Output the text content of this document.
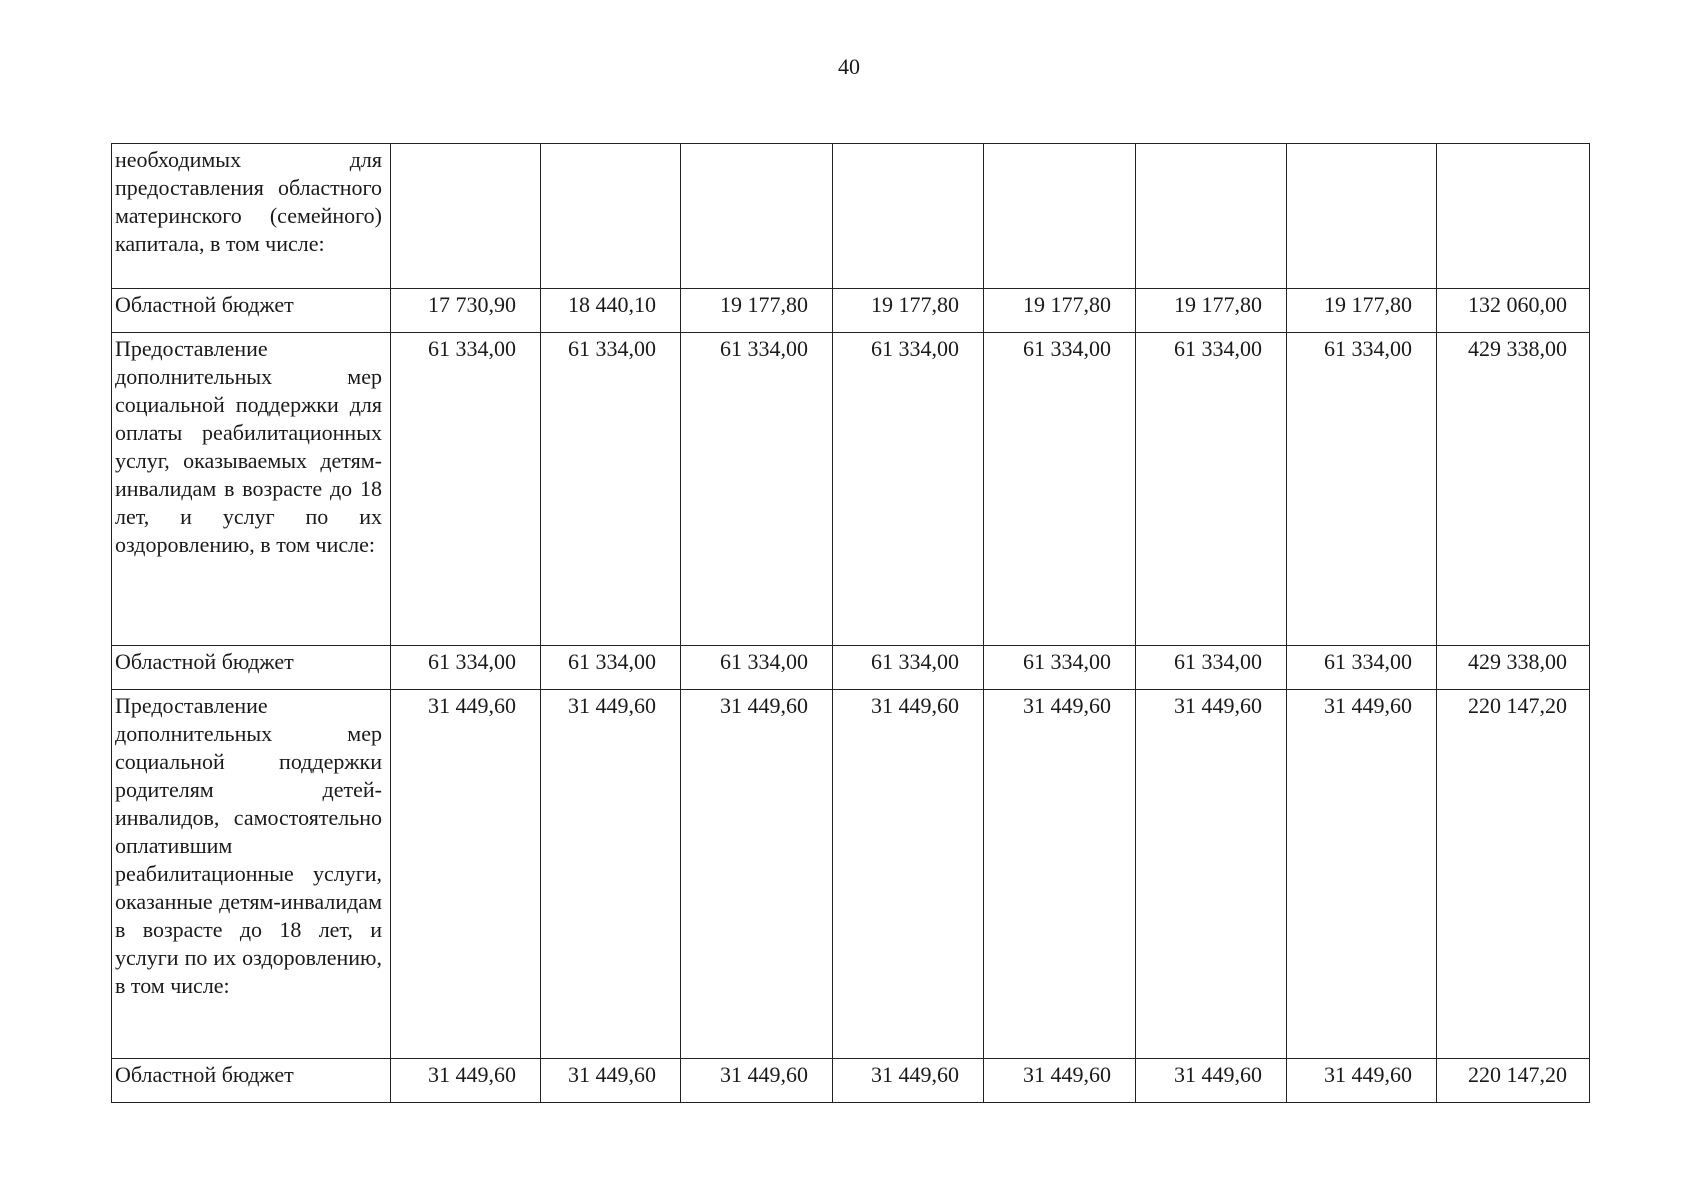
40
необходимых для предоставления областного материнского (семейного) капитала, в том числе:								
Областной бюджет	17 730,90	18 440,10	19 177,80	19 177,80	19 177,80	19 177,80	19 177,80	132 060,00
Предоставление дополнительных мер социальной поддержки для оплаты реабилитационных услуг, оказываемых детям-инвалидам в возрасте до 18 лет, и услуг по их оздоровлению, в том числе:	61 334,00	61 334,00	61 334,00	61 334,00	61 334,00	61 334,00	61 334,00	429 338,00
Областной бюджет	61 334,00	61 334,00	61 334,00	61 334,00	61 334,00	61 334,00	61 334,00	429 338,00
Предоставление дополнительных мер социальной поддержки родителям детей-инвалидов, самостоятельно оплатившим реабилитационные услуги, оказанные детям-инвалидам в возрасте до 18 лет, и услуги по их оздоровлению, в том числе:	31 449,60	31 449,60	31 449,60	31 449,60	31 449,60	31 449,60	31 449,60	220 147,20
Областной бюджет	31 449,60	31 449,60	31 449,60	31 449,60	31 449,60	31 449,60	31 449,60	220 147,20
